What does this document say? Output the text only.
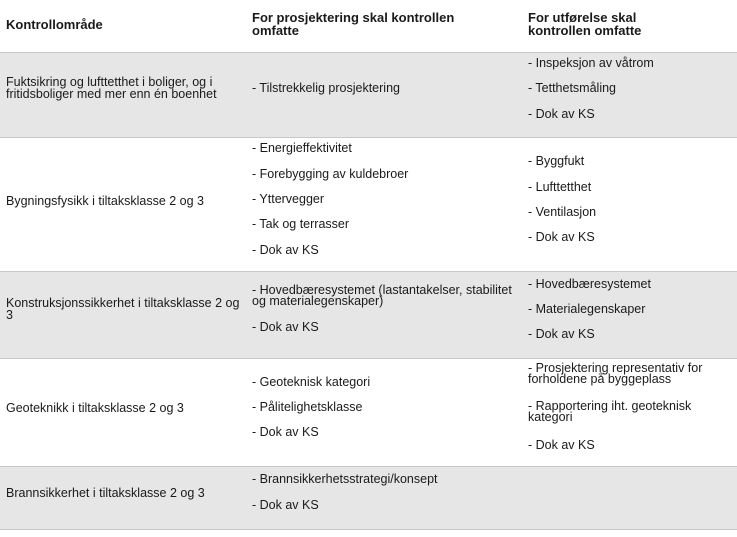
Kontrollområde	For prosjektering skal kontrollen omfatte
For utførelse skal kontrollen omfatte
Fuktsikring og lufttetthet i boliger, og i fritidsboliger med mer enn én boenhet	- Tilstrekkelig prosjektering
- Inspeksjon av våtrom
- Tetthetsmåling
- Dok av KS
Bygningsfysikk i tiltaksklasse 2 og 3
- Energieffektivitet
- Forebygging av kuldebroer
- Yttervegger
- Tak og terrasser
- Dok av KS
- Byggfukt
- Lufttetthet
- Ventilasjon
- Dok av KS
Konstruksjonssikkerhet i tiltaksklasse 2 og 3
- Hovedbæresystemet (lastantakelser, stabilitet og materialegenskaper)
- Dok av KS
- Hovedbæresystemet
- Materialegenskaper
- Dok av KS
Geoteknikk i tiltaksklasse 2 og 3
- Geoteknisk kategori
- Pålitelighetsklasse
- Dok av KS
- Prosjektering representativ for forholdene på byggeplass
- Rapportering iht. geoteknisk kategori
- Dok av KS
Brannsikkerhet i tiltaksklasse 2 og 3
- Brannsikkerhetsstrategi/konsept
- Dok av KS
